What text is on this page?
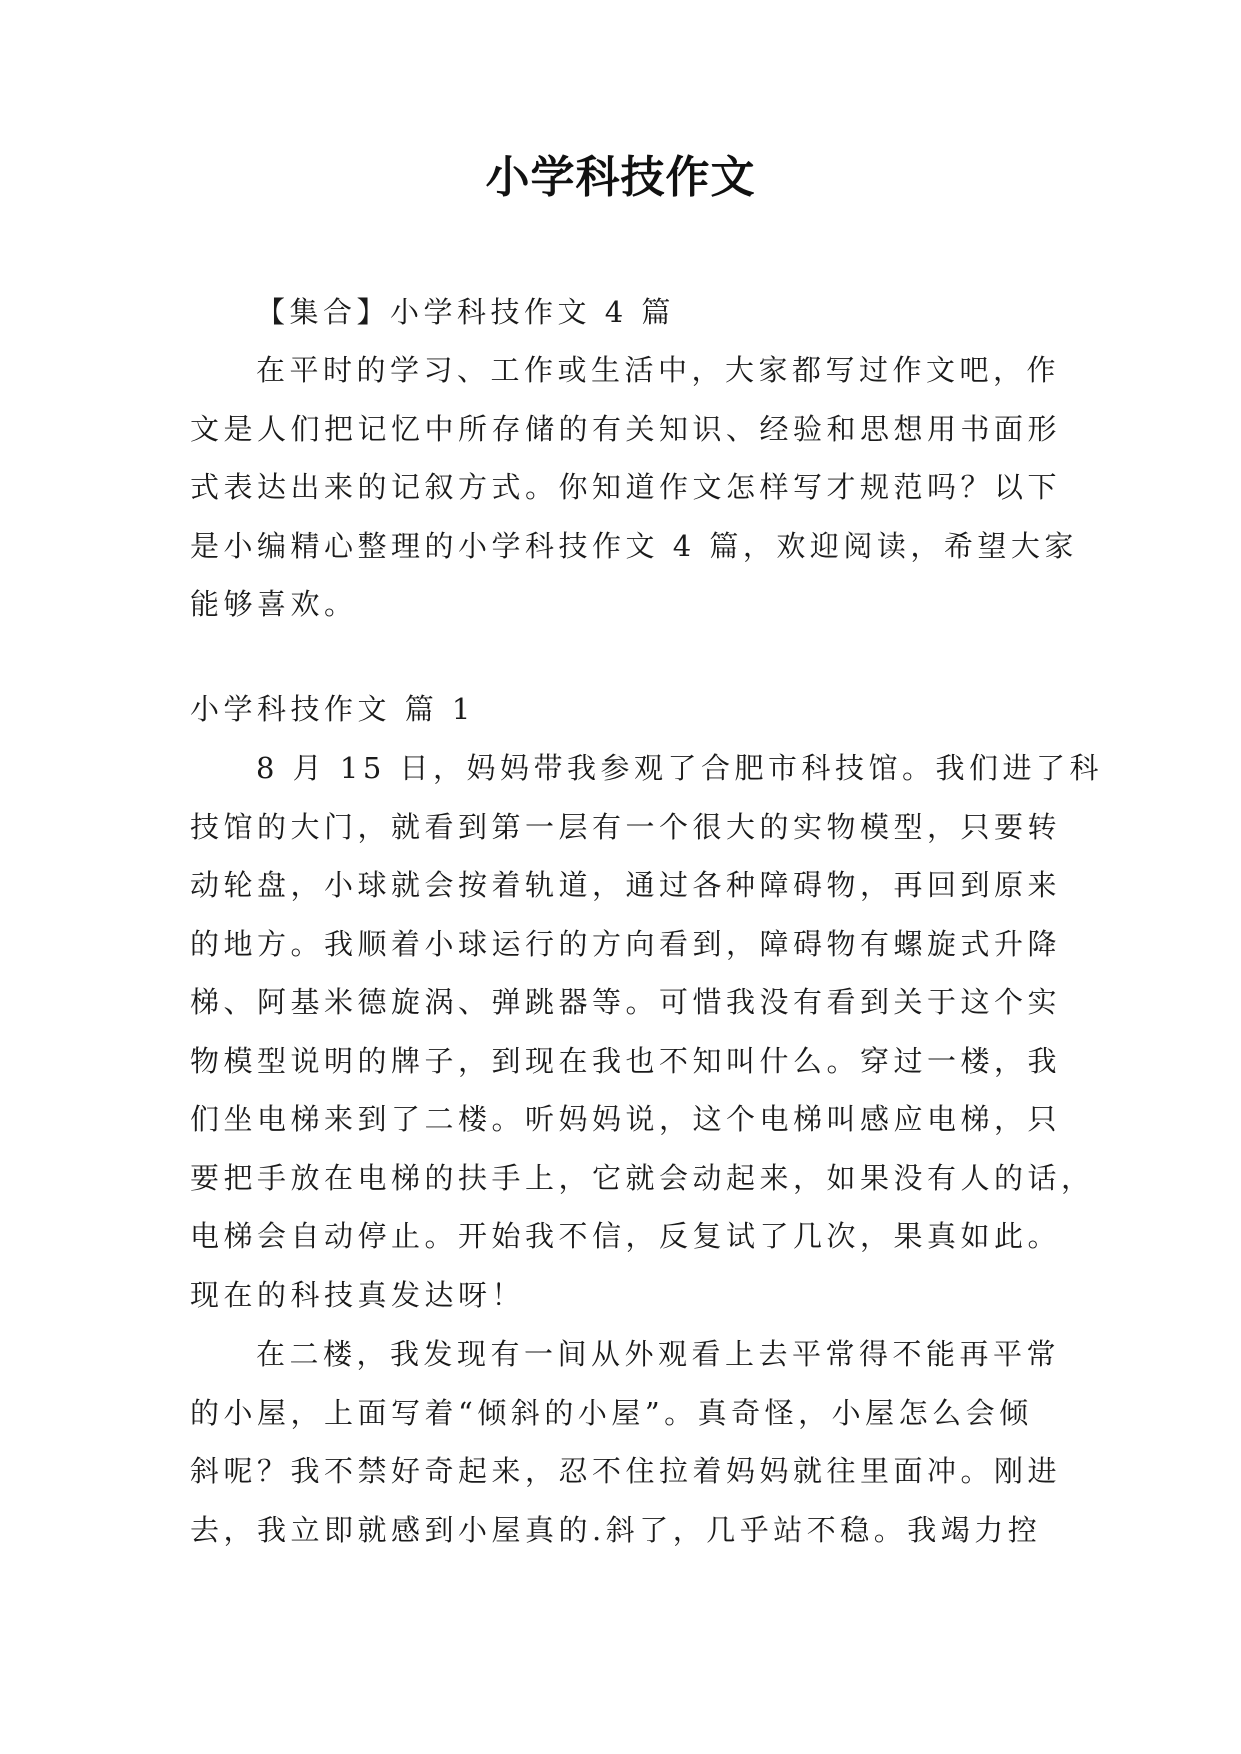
小学科技作文
【集合】小学科技作文 4 篇
在平时的学习、工作或生活中，大家都写过作文吧，作
文是人们把记忆中所存储的有关知识、经验和思想用书面形
式表达出来的记叙方式。你知道作文怎样写才规范吗？以下
是小编精心整理的小学科技作文 4 篇，欢迎阅读，希望大家
能够喜欢。
小学科技作文 篇 1
8 月 15 日，妈妈带我参观了合肥市科技馆。我们进了科
技馆的大门，就看到第一层有一个很大的实物模型，只要转
动轮盘，小球就会按着轨道，通过各种障碍物，再回到原来
的地方。我顺着小球运行的方向看到，障碍物有螺旋式升降
梯、阿基米德旋涡、弹跳器等。可惜我没有看到关于这个实
物模型说明的牌子，到现在我也不知叫什么。穿过一楼，我
们坐电梯来到了二楼。听妈妈说，这个电梯叫感应电梯，只
要把手放在电梯的扶手上，它就会动起来，如果没有人的话，
电梯会自动停止。开始我不信，反复试了几次，果真如此。
现在的科技真发达呀！
在二楼，我发现有一间从外观看上去平常得不能再平常
的小屋，上面写着“倾斜的小屋”。真奇怪，小屋怎么会倾
斜呢？我不禁好奇起来，忍不住拉着妈妈就往里面冲。刚进
去，我立即就感到小屋真的.斜了，几乎站不稳。我竭力控
